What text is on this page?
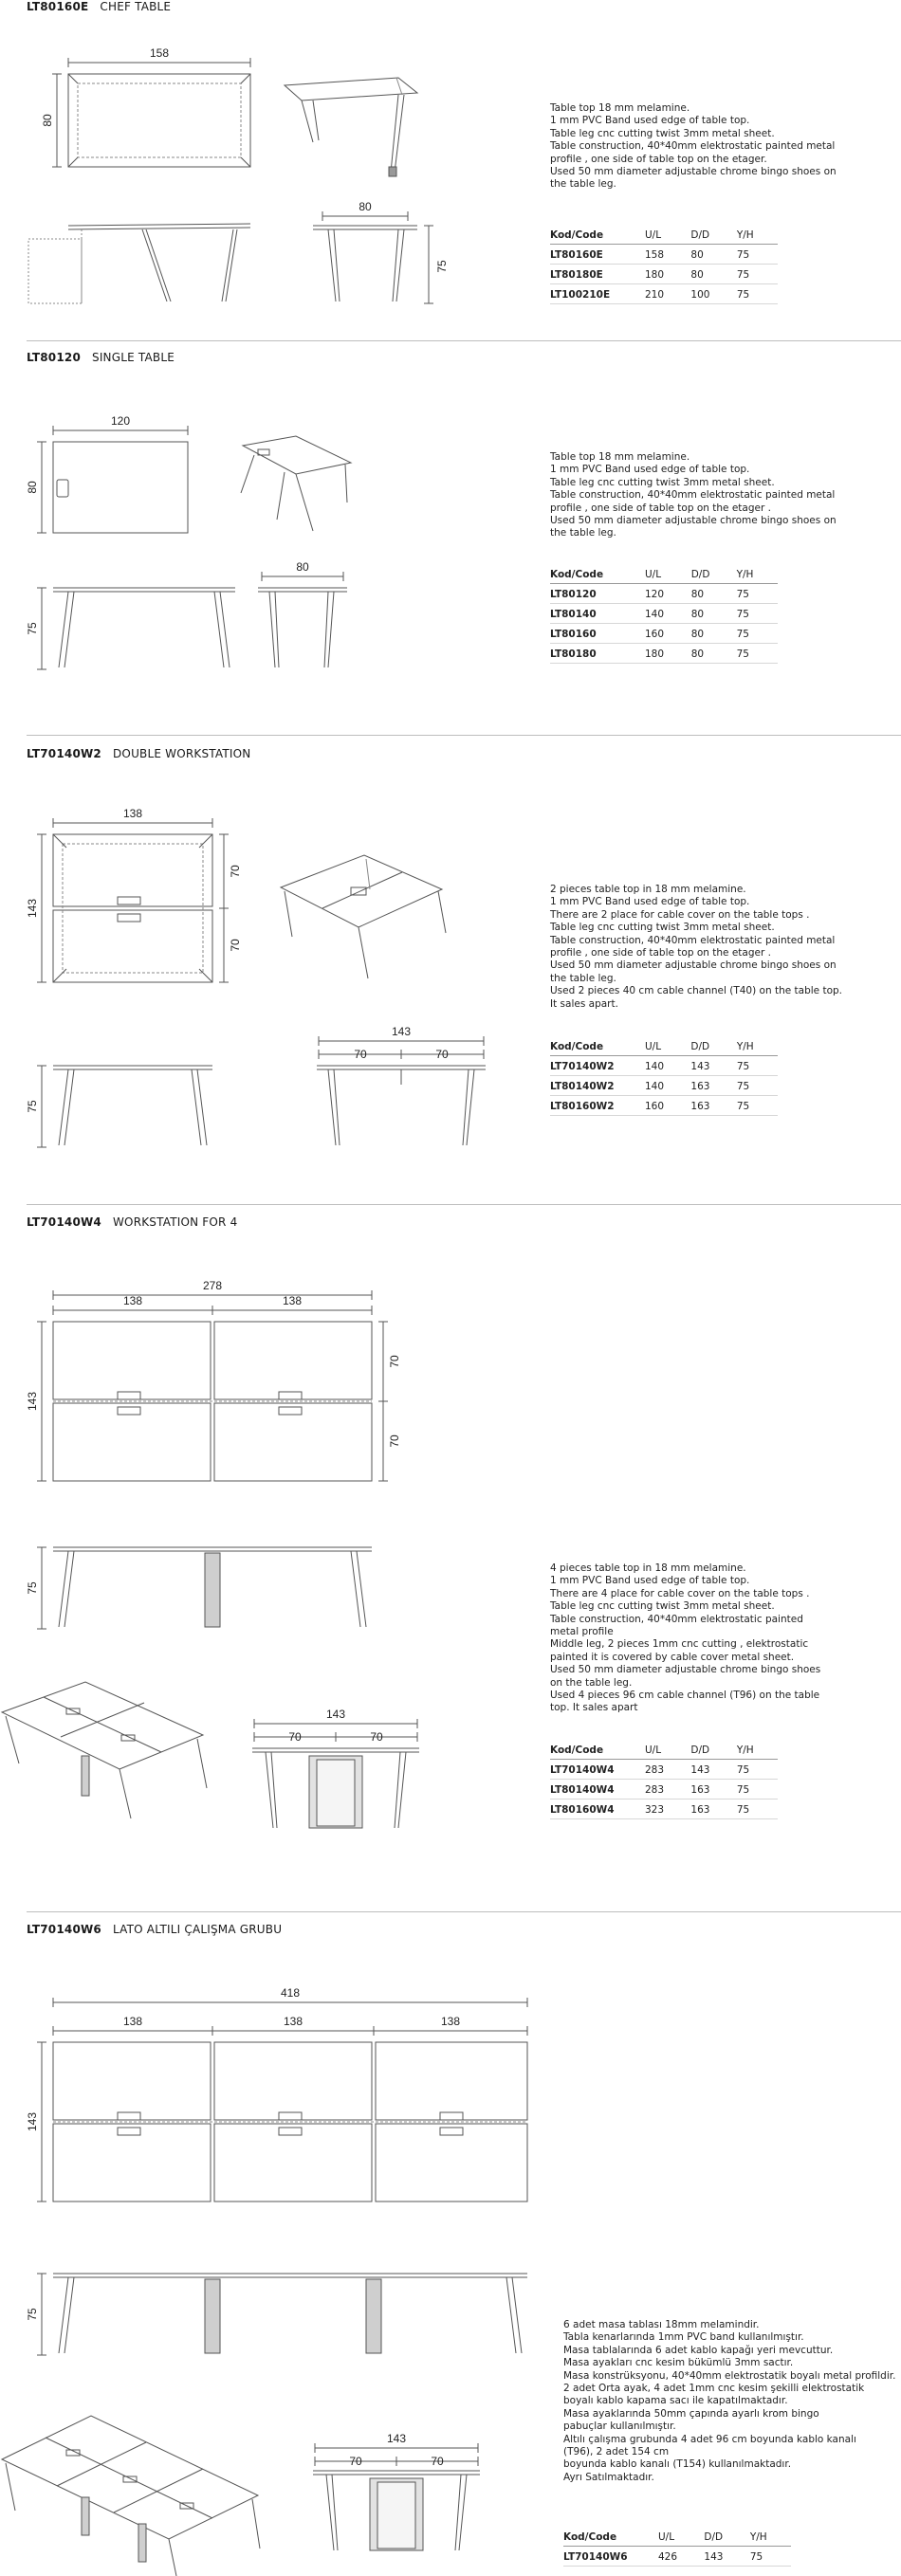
LT80160E CHEF TABLE
158
80
80
75
Table top 18 mm melamine.
1 mm PVC Band used edge of table top.
Table leg cnc cutting twist 3mm metal sheet.
Table construction, 40*40mm elektrostatic painted metal
profile , one side of table top on the etager.
Used 50 mm diameter adjustable chrome bingo shoes on
the table leg.
Kod/Code	U/L	D/D	Y/H
LT80160E	158	80	75
LT80180E	180	80	75
LT100210E	210	100	75
LT80120 SINGLE TABLE
120
80
80
75
Table top 18 mm melamine.
1 mm PVC Band used edge of table top.
Table leg cnc cutting twist 3mm metal sheet.
Table construction, 40*40mm elektrostatic painted metal
profile , one side of table top on the etager .
Used 50 mm diameter adjustable chrome bingo shoes on
the table leg.
Kod/Code	U/L	D/D	Y/H
LT80120	120	80	75
LT80140	140	80	75
LT80160	160	80	75
LT80180	180	80	75
LT70140W2 DOUBLE WORKSTATION
138
143
70
70
143
70	70
75
2 pieces table top in 18 mm melamine.
1 mm PVC Band used edge of table top.
There are 2 place for cable cover on the table tops .
Table leg cnc cutting twist 3mm metal sheet.
Table construction, 40*40mm elektrostatic painted metal
profile , one side of table top on the etager .
Used 50 mm diameter adjustable chrome bingo shoes on
the table leg.
Used 2 pieces 40 cm cable channel (T40) on the table top.
It sales apart.
Kod/Code	U/L	D/D	Y/H
LT70140W2	140	143	75
LT80140W2	140	163	75
LT80160W2	160	163	75
LT70140W4 WORKSTATION FOR 4
278
138	138
143
70
70
75
143
70	70
4 pieces table top in 18 mm melamine.
1 mm PVC Band used edge of table top.
There are 4 place for cable cover on the table tops .
Table leg cnc cutting twist 3mm metal sheet.
Table construction, 40*40mm elektrostatic painted
metal profile
Middle leg, 2 pieces 1mm cnc cutting , elektrostatic
painted it is covered by cable cover metal sheet.
Used 50 mm diameter adjustable chrome bingo shoes
on the table leg.
Used 4 pieces 96 cm cable channel (T96) on the table
top. It sales apart
Kod/Code	U/L	D/D	Y/H
LT70140W4	283	143	75
LT80140W4	283	163	75
LT80160W4	323	163	75
LT70140W6 LATO ALTILI ÇALIŞMA GRUBU
418
138	138	138
143
75
143
70	70
6 adet masa tablası 18mm melamindir.
Tabla kenarlarında 1mm PVC band kullanılmıştır.
Masa tablalarında 6 adet kablo kapağı yeri mevcuttur.
Masa ayakları cnc kesim bükümlü 3mm sactır.
Masa konstrüksyonu, 40*40mm elektrostatik boyalı metal profildir.
2 adet Orta ayak, 4 adet 1mm cnc kesim şekilli elektrostatik
boyalı kablo kapama sacı ile kapatılmaktadır.
Masa ayaklarında 50mm çapında ayarlı krom bingo
pabuçlar kullanılmıştır.
Altılı çalışma grubunda 4 adet 96 cm boyunda kablo kanalı
(T96), 2 adet 154 cm
boyunda kablo kanalı (T154) kullanılmaktadır.
Ayrı Satılmaktadır.
Kod/Code	U/L	D/D	Y/H
LT70140W6	426	143	75
